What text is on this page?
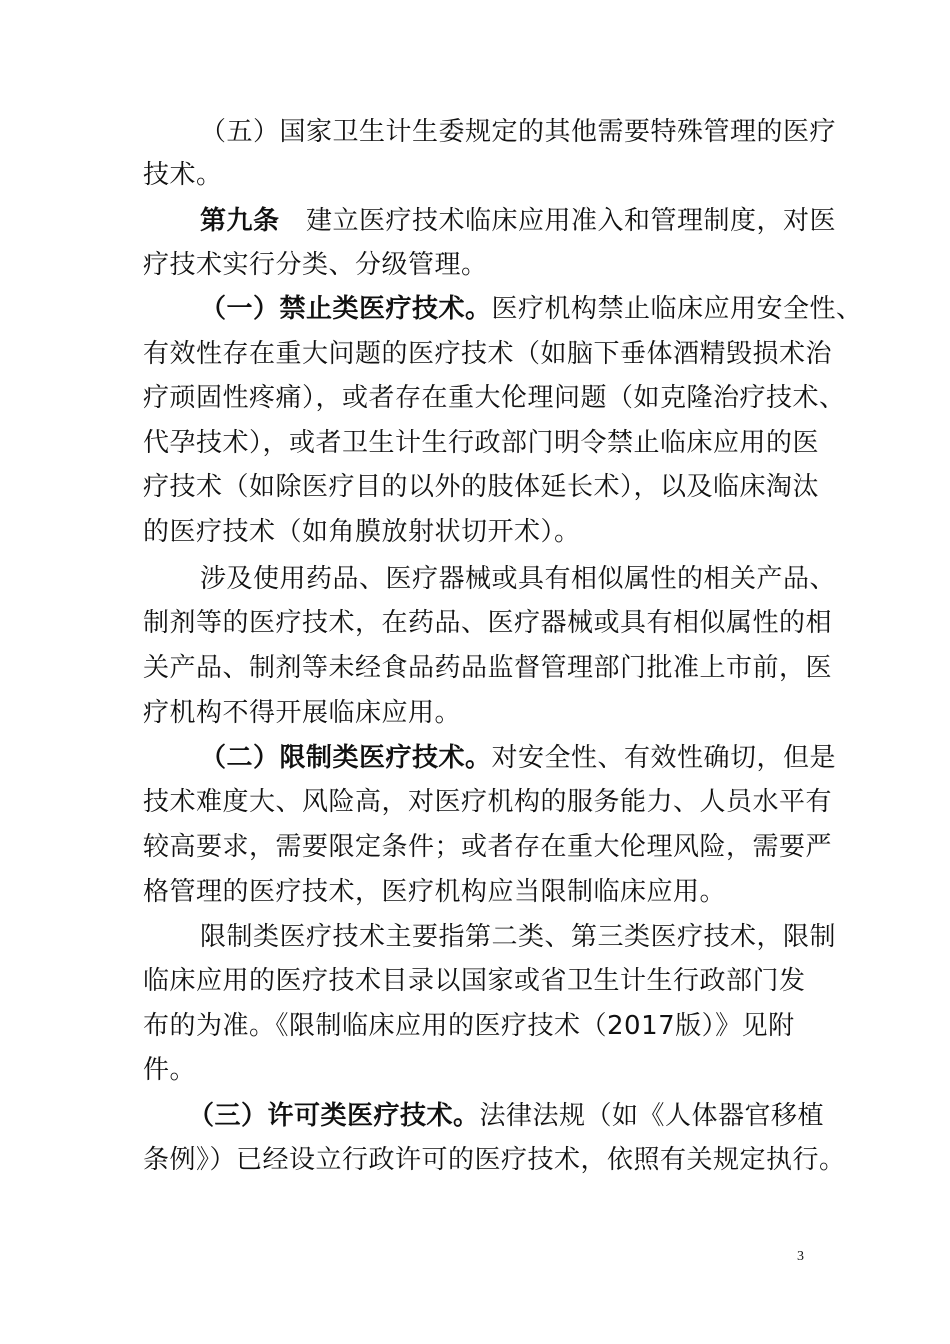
（五）国家卫生计生委规定的其他需要特殊管理的医疗
技术。
第九条　 建立医疗技术临床应用准入和管理制度，对医
疗技术实行分类、分级管理。
（一）禁止类医疗技术。医疗机构禁止临床应用安全性、
有效性存在重大问题的医疗技术（如脑下垂体酒精毁损术治
疗顽固性疼痛），或者存在重大伦理问题（如克隆治疗技术、
代孕技术），或者卫生计生行政部门明令禁止临床应用的医
疗技术（如除医疗目的以外的肢体延长术），以及临床淘汰
的医疗技术（如角膜放射状切开术）。
涉及使用药品、医疗器械或具有相似属性的相关产品、
制剂等的医疗技术，在药品、医疗器械或具有相似属性的相
关产品、制剂等未经食品药品监督管理部门批准上市前，医
疗机构不得开展临床应用。
（二）限制类医疗技术。对安全性、有效性确切，但是
技术难度大、风险高，对医疗机构的服务能力、人员水平有
较高要求，需要限定条件；或者存在重大伦理风险，需要严
格管理的医疗技术，医疗机构应当限制临床应用。
限制类医疗技术主要指第二类、第三类医疗技术，限制
临床应用的医疗技术目录以国家或省卫生计生行政部门发
布的为准。《限制临床应用的医疗技术（2017版）》见附
件。
（三）许可类医疗技术。法律法规（如《人体器官移植
条例》）已经设立行政许可的医疗技术，依照有关规定执行。
3
